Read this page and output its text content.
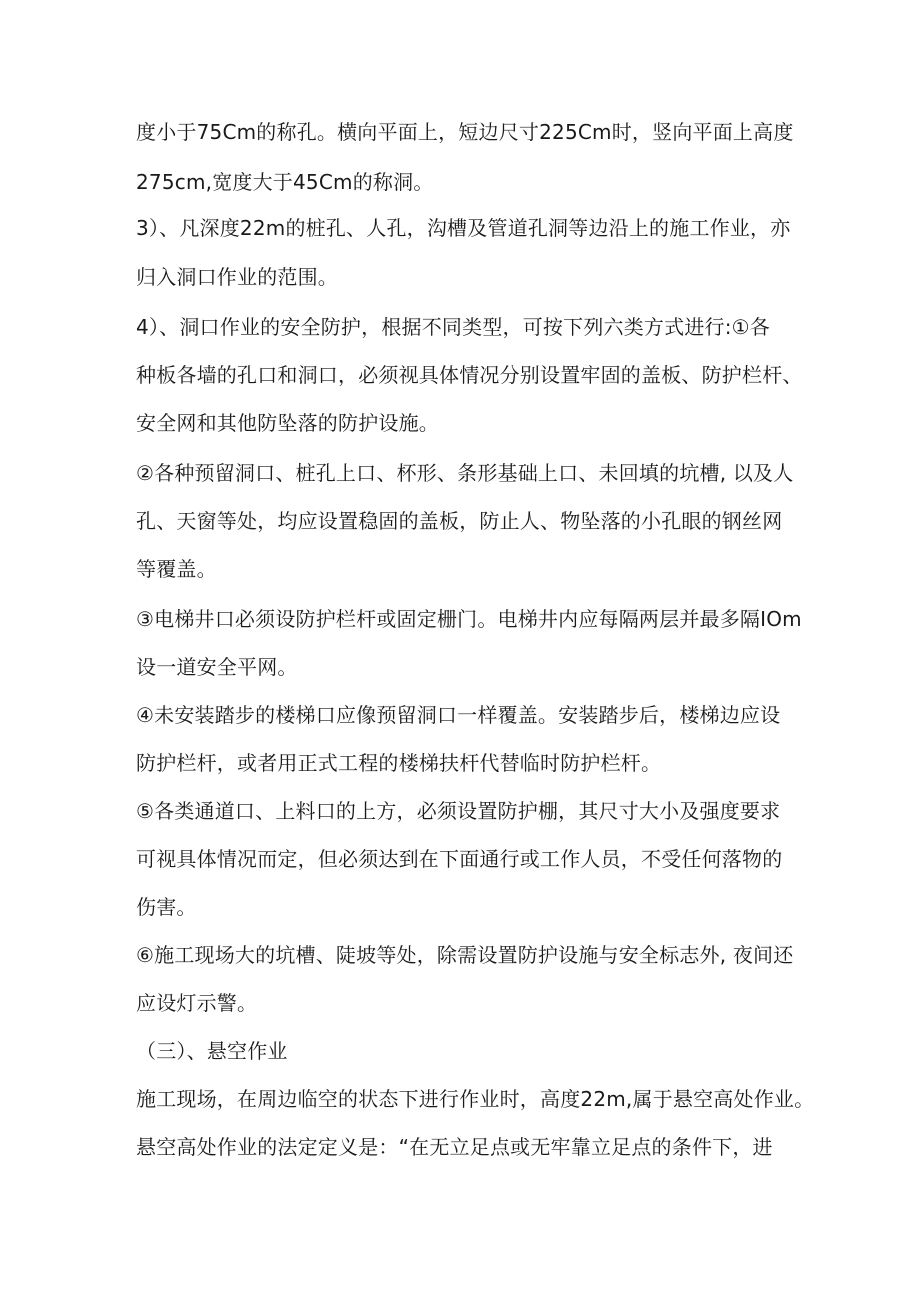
度小于75Cm的称孔。横向平面上，短边尺寸225Cm时，竖向平面上高度
275cm,宽度大于45Cm的称洞。
3）、凡深度22m的桩孔、人孔，沟槽及管道孔洞等边沿上的施工作业，亦
归入洞口作业的范围。
4）、洞口作业的安全防护，根据不同类型，可按下列六类方式进行:①各
种板各墙的孔口和洞口，必须视具体情况分别设置牢固的盖板、防护栏杆、
安全网和其他防坠落的防护设施。
②各种预留洞口、桩孔上口、杯形、条形基础上口、未回填的坑槽, 以及人
孔、天窗等处，均应设置稳固的盖板，防止人、物坠落的小孔眼的钢丝网
等覆盖。
③电梯井口必须设防护栏杆或固定栅门。电梯井内应每隔两层并最多隔IOm
设一道安全平网。
④未安装踏步的楼梯口应像预留洞口一样覆盖。安装踏步后，楼梯边应设
防护栏杆，或者用正式工程的楼梯扶杆代替临时防护栏杆。
⑤各类通道口、上料口的上方，必须设置防护棚，其尺寸大小及强度要求
可视具体情况而定，但必须达到在下面通行或工作人员，不受任何落物的
伤害。
⑥施工现场大的坑槽、陡坡等处，除需设置防护设施与安全标志外, 夜间还
应设灯示警。
（三）、悬空作业
施工现场，在周边临空的状态下进行作业时，高度22m,属于悬空高处作业。
悬空高处作业的法定定义是：“在无立足点或无牢靠立足点的条件下，进
